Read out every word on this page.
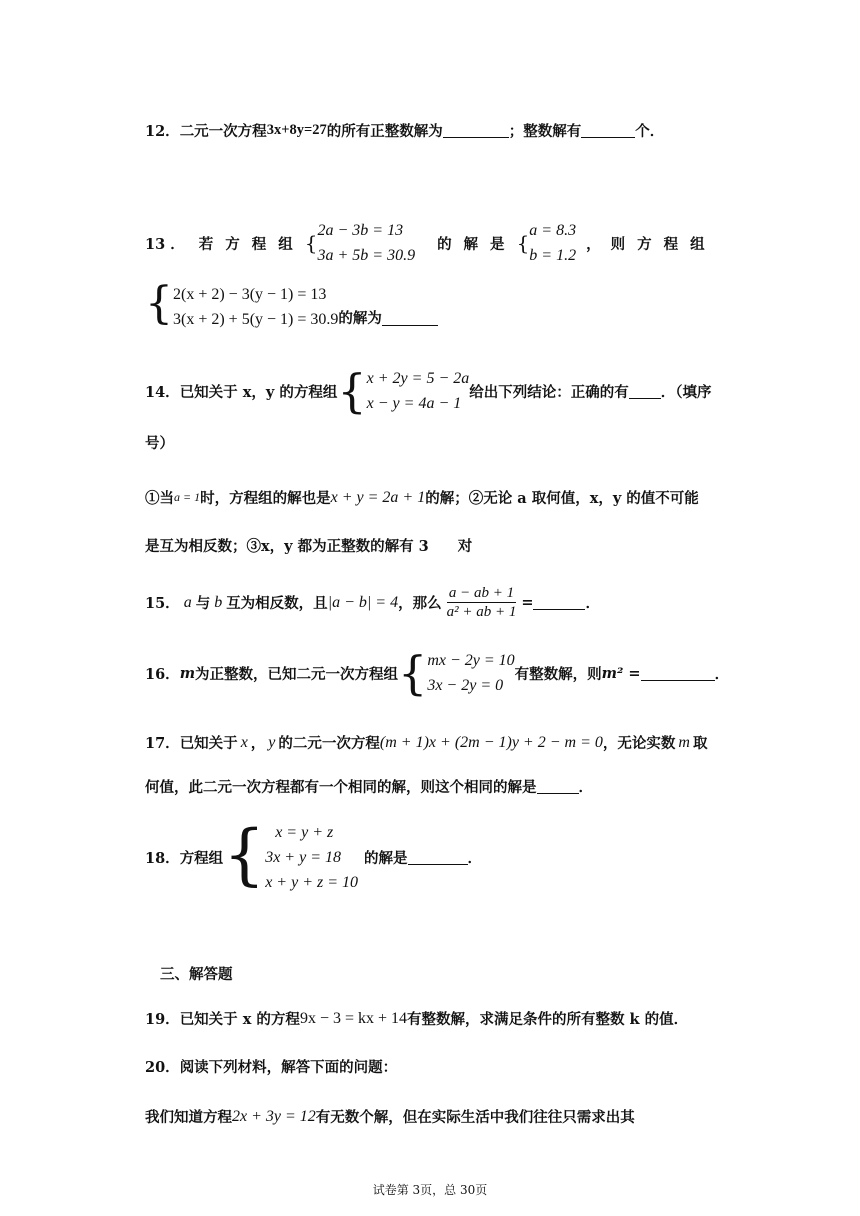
12． 二元一次方程 3x+8y=27 的所有正整数解为	；整数解有	个．
13 ． 若方程组 {
2a − 3b = 13
3a + 5b = 30.9
的解是 {
a = 8.3
b = 1.2
， 则方程组
{ 2(x + 2) − 3(y − 1) = 13
3(x + 2) + 5(y − 1) = 30.9 的解为
14． 已知关于 x，y 的方程组 { x + 2y = 5 − 2a
x − y = 4a − 1
给出下列结论：正确的有 ．（填序
号）
①当 a = 1 时，方程组的解也是 x + y = 2a + 1 的解；②无论 a 取何值，x，y 的值不可能
是互为相反数；③x，y 都为正整数的解有 3　　对
15． a 与 b 互为相反数，且 |a − b| = 4 ，那么 $\frac{a - ab + 1}{\text{a² + ab + 1}}$ =	．
16． m 为正整数，已知二元一次方程组 { mx − 2y = 10
3x − 2y = 0
有整数解，则 m² =	．
17． 已知关于 x ， y 的二元一次方程 (m + 1)x + (2m − 1)y + 2 − m = 0 ，无论实数 m 取
何值，此二元一次方程都有一个相同的解，则这个相同的解是	．
18． 方程组 { x = y + z
3x + y = 18
x + y + z = 10
的解是	．
三、解答题
19． 已知关于 x 的方程 9x − 3 = kx + 14 有整数解，求满足条件的所有整数 k 的值．
20． 阅读下列材料，解答下面的问题：
我们知道方程 2x + 3y = 12 有无数个解，但在实际生活中我们往往只需求出其
试卷第 3页，总 30页
